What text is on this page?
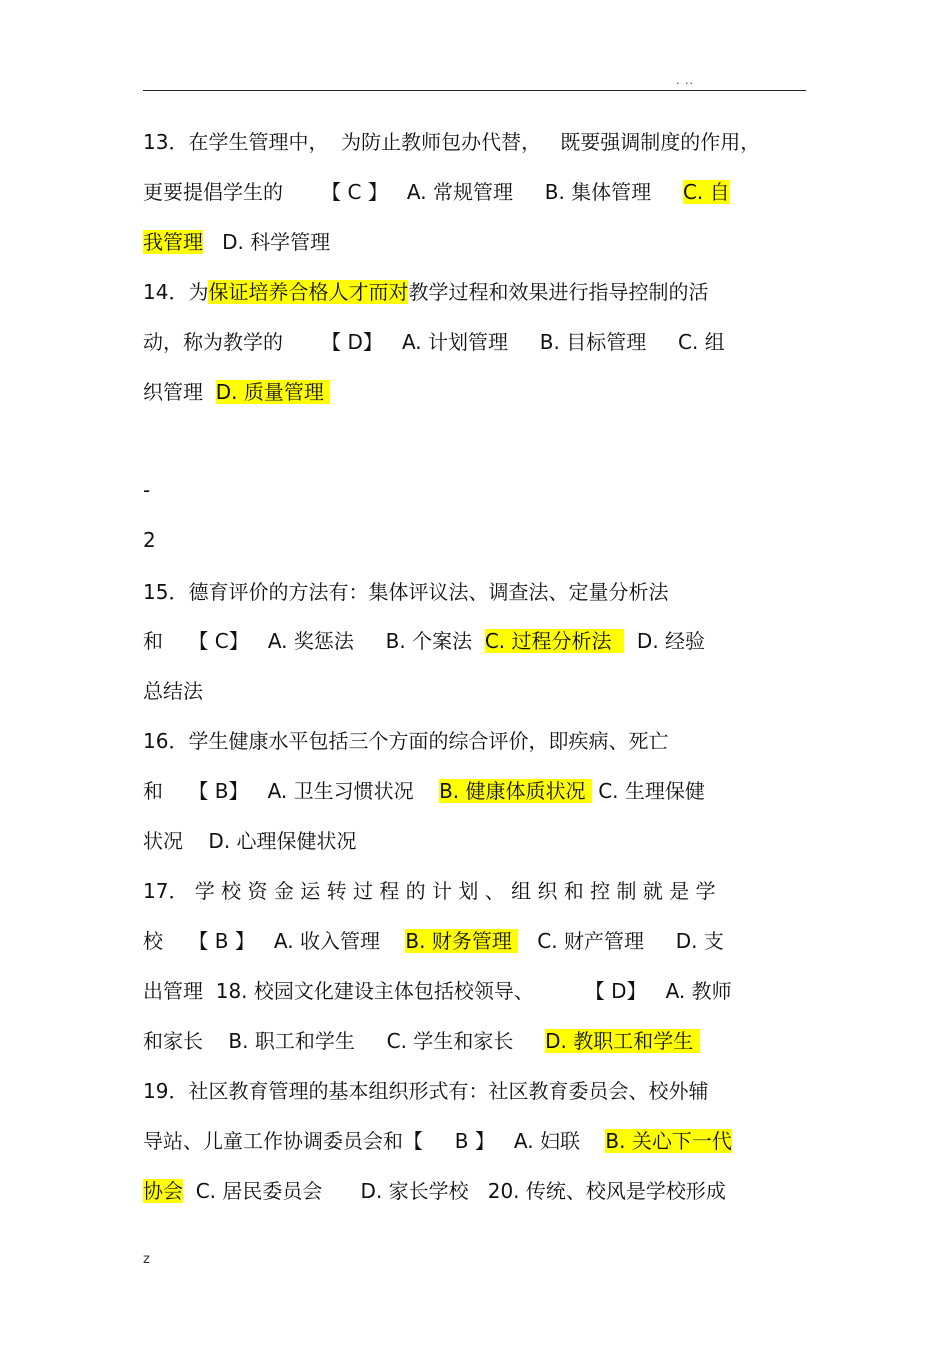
. ..
13．在学生管理中，  为防止教师包办代替，   既要强调制度的作用，
更要提倡学生的      【 C 】   A. 常规管理     B. 集体管理     C. 自
我管理   D. 科学管理
14．为保证培养合格人才而对教学过程和效果进行指导控制的活
动，称为教学的      【 D】   A. 计划管理     B. 目标管理     C. 组
织管理  D. 质量管理
15．德育评价的方法有：集体评议法、调查法、定量分析法
和    【 C】   A. 奖惩法     B. 个案法  C. 过程分析法    D. 经验
总结法
16．学生健康水平包括三个方面的综合评价，即疾病、死亡
和    【 B】   A. 卫生习惯状况    B. 健康体质状况  C. 生理保健
状况    D. 心理保健状况
17． 学 校 资 金 运 转 过 程 的 计 划 、 组 织 和 控 制 就 是 学
校    【 B 】   A. 收入管理    B. 财务管理    C. 财产管理     D. 支
出管理  18. 校园文化建设主体包括校领导、        【 D】   A. 教师
和家长    B. 职工和学生     C. 学生和家长     D. 教职工和学生
19．社区教育管理的基本组织形式有：社区教育委员会、校外辅
导站、儿童工作协调委员会和【     B 】   A. 妇联    B. 关心下一代
协会  C. 居民委员会      D. 家长学校   20. 传统、校风是学校形成
-
2
z
